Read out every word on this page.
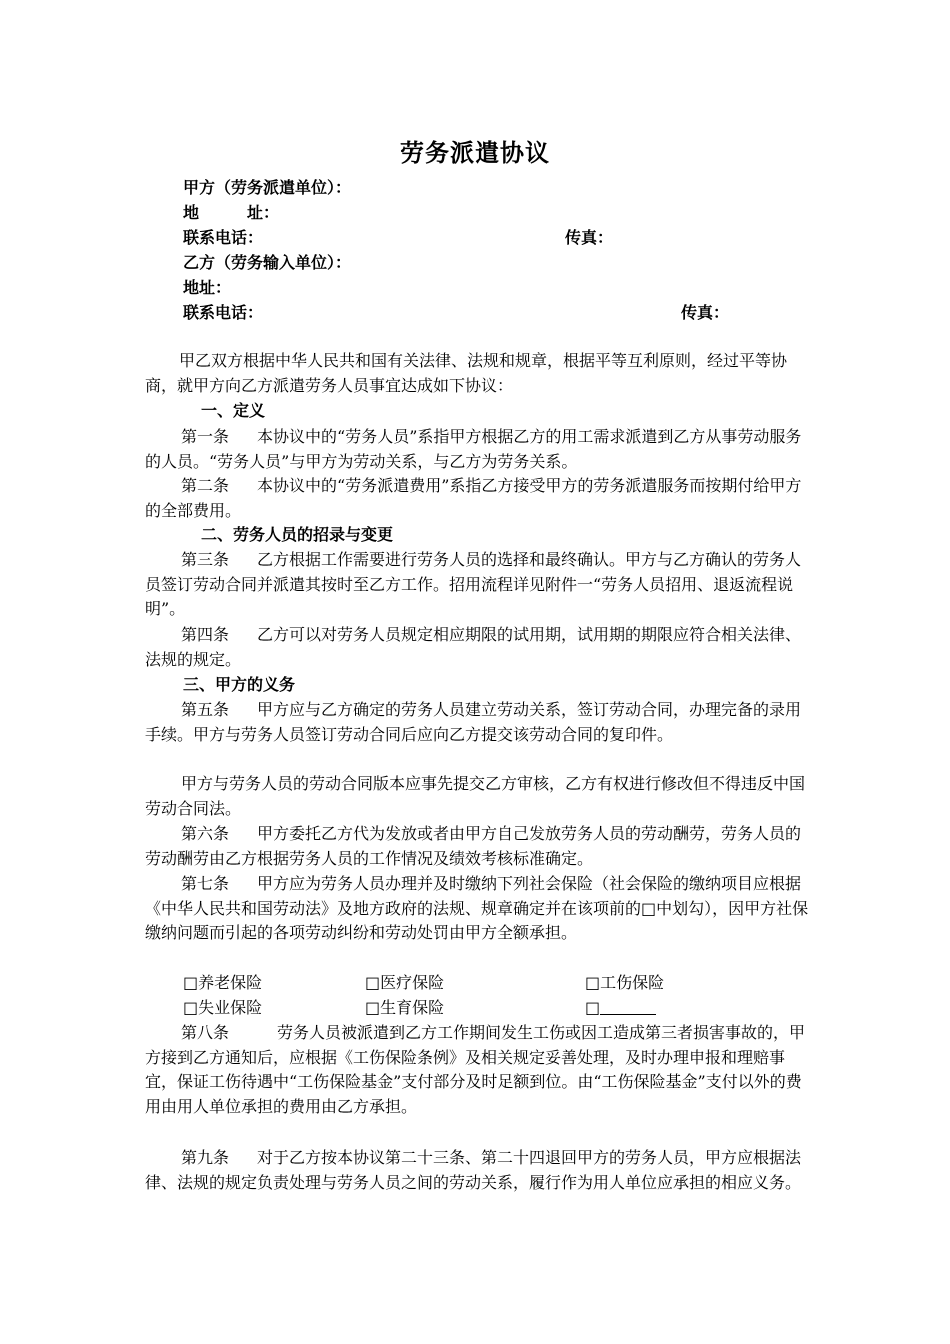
劳务派遣协议
甲方（劳务派遣单位）：
地　　　址：
联系电话：	传真：
乙方（劳务输入单位）：
地址：
联系电话：	传真：
甲乙双方根据中华人民共和国有关法律、法规和规章，根据平等互利原则，经过平等协商，就甲方向乙方派遣劳务人员事宜达成如下协议：
一、定义
第一条 本协议中的“劳务人员”系指甲方根据乙方的用工需求派遣到乙方从事劳动服务的人员。“劳务人员”与甲方为劳动关系，与乙方为劳务关系。
第二条 本协议中的“劳务派遣费用”系指乙方接受甲方的劳务派遣服务而按期付给甲方的全部费用。
二、劳务人员的招录与变更
第三条 乙方根据工作需要进行劳务人员的选择和最终确认。甲方与乙方确认的劳务人员签订劳动合同并派遣其按时至乙方工作。招用流程详见附件一“劳务人员招用、退返流程说明”。
第四条 乙方可以对劳务人员规定相应期限的试用期，试用期的期限应符合相关法律、法规的规定。
三、甲方的义务
第五条 甲方应与乙方确定的劳务人员建立劳动关系，签订劳动合同，办理完备的录用手续。甲方与劳务人员签订劳动合同后应向乙方提交该劳动合同的复印件。
甲方与劳务人员的劳动合同版本应事先提交乙方审核，乙方有权进行修改但不得违反中国劳动合同法。
第六条 甲方委托乙方代为发放或者由甲方自己发放劳务人员的劳动酬劳，劳务人员的劳动酬劳由乙方根据劳务人员的工作情况及绩效考核标准确定。
第七条 甲方应为劳务人员办理并及时缴纳下列社会保险（社会保险的缴纳项目应根据《中华人民共和国劳动法》及地方政府的法规、规章确定并在该项前的□中划勾），因甲方社保缴纳问题而引起的各项劳动纠纷和劳动处罚由甲方全额承担。
□养老保险	□医疗保险	□工伤保险
□失业保险	□生育保险	□
第八条	劳务人员被派遣到乙方工作期间发生工伤或因工造成第三者损害事故的，甲方接到乙方通知后，应根据《工伤保险条例》及相关规定妥善处理，及时办理申报和理赔事宜，保证工伤待遇中“工伤保险基金”支付部分及时足额到位。由“工伤保险基金”支付以外的费用由用人单位承担的费用由乙方承担。
第九条 对于乙方按本协议第二十三条、第二十四退回甲方的劳务人员，甲方应根据法律、法规的规定负责处理与劳务人员之间的劳动关系，履行作为用人单位应承担的相应义务。
